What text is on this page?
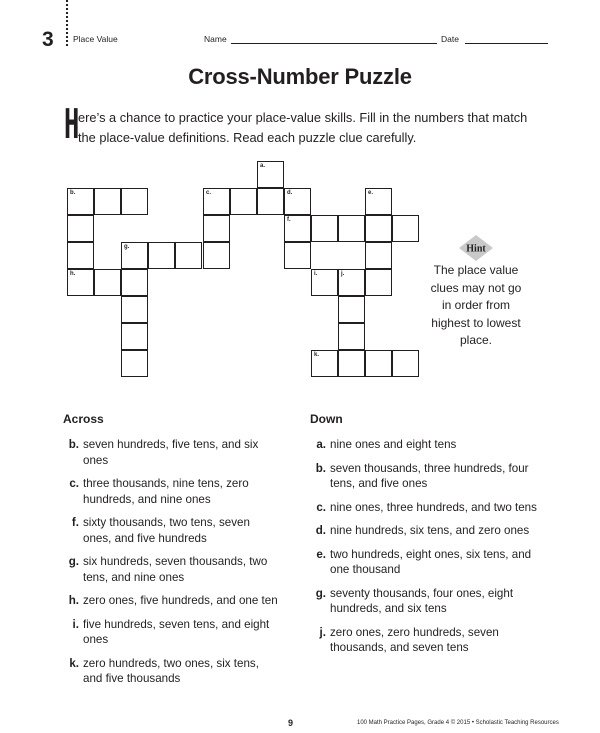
3 Place Value	Name	Date
Cross-Number Puzzle
H
ere’s a chance to practice your place-value skills. Fill in the numbers that match the place-value definitions. Read each puzzle clue carefully.
a.
b.	c.	d.	e.
f.
g.
h.	i.	j.
k.
Hint
The place value clues may not go in order from highest to lowest place.
Across
b. seven hundreds, five tens, and six ones
c. three thousands, nine tens, zero hundreds, and nine ones
f. sixty thousands, two tens, seven ones, and five hundreds
g. six hundreds, seven thousands, two tens, and nine ones
h. zero ones, five hundreds, and one ten
i. five hundreds, seven tens, and eight ones
k. zero hundreds, two ones, six tens, and five thousands
Down
a. nine ones and eight tens
b. seven thousands, three hundreds, four tens, and five ones
c. nine ones, three hundreds, and two tens
d. nine hundreds, six tens, and zero ones
e. two hundreds, eight ones, six tens, and one thousand
g. seventy thousands, four ones, eight hundreds, and six tens
j. zero ones, zero hundreds, seven thousands, and seven tens
9	100 Math Practice Pages, Grade 4 © 2015 • Scholastic Teaching Resources
